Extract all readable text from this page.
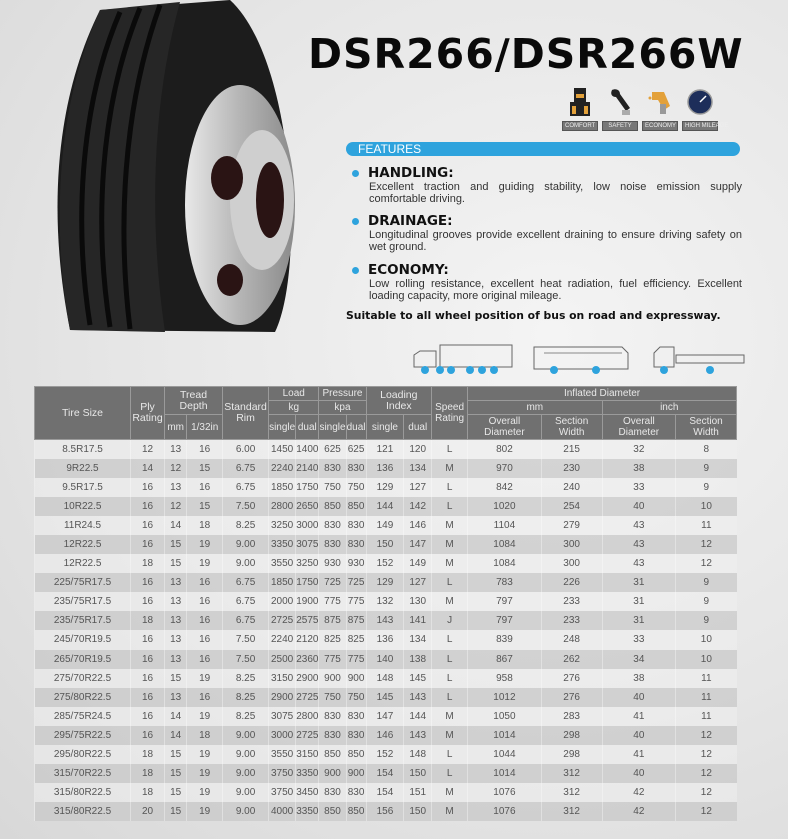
DSR266/DSR266W
COMFORT	SAFETY	ECONOMY	HIGH MILEAGE
FEATURES
HANDLING:
Excellent traction and guiding stability, low noise emission supply comfortable driving.
DRAINAGE:
Longitudinal grooves provide excellent draining to ensure driving safety on wet ground.
ECONOMY:
Low rolling resistance, excellent heat radiation, fuel efficiency. Excellent loading capacity, more original mileage.
Suitable to all wheel position of bus on road and expressway.
Tire Size	Ply Rating	Tread Depth		Standard Rim	Load		Pressure		Loading Index		Speed Rating	Inflated Diameter			
					kg		kpa					mm		inch	
		mm	1/32in		single	dual	single	dual	single	dual		Overall Diameter	Section Width	Overall Diameter	Section Width
8.5R17.5	12	13	16	6.00	1450	1400	625	625	121	120	L	802	215	32	8
9R22.5	14	12	15	6.75	2240	2140	830	830	136	134	M	970	230	38	9
9.5R17.5	16	13	16	6.75	1850	1750	750	750	129	127	L	842	240	33	9
10R22.5	16	12	15	7.50	2800	2650	850	850	144	142	L	1020	254	40	10
11R24.5	16	14	18	8.25	3250	3000	830	830	149	146	M	1104	279	43	11
12R22.5	16	15	19	9.00	3350	3075	830	830	150	147	M	1084	300	43	12
12R22.5	18	15	19	9.00	3550	3250	930	930	152	149	M	1084	300	43	12
225/75R17.5	16	13	16	6.75	1850	1750	725	725	129	127	L	783	226	31	9
235/75R17.5	16	13	16	6.75	2000	1900	775	775	132	130	M	797	233	31	9
235/75R17.5	18	13	16	6.75	2725	2575	875	875	143	141	J	797	233	31	9
245/70R19.5	16	13	16	7.50	2240	2120	825	825	136	134	L	839	248	33	10
265/70R19.5	16	13	16	7.50	2500	2360	775	775	140	138	L	867	262	34	10
275/70R22.5	16	15	19	8.25	3150	2900	900	900	148	145	L	958	276	38	11
275/80R22.5	16	13	16	8.25	2900	2725	750	750	145	143	L	1012	276	40	11
285/75R24.5	16	14	19	8.25	3075	2800	830	830	147	144	M	1050	283	41	11
295/75R22.5	16	14	18	9.00	3000	2725	830	830	146	143	M	1014	298	40	12
295/80R22.5	18	15	19	9.00	3550	3150	850	850	152	148	L	1044	298	41	12
315/70R22.5	18	15	19	9.00	3750	3350	900	900	154	150	L	1014	312	40	12
315/80R22.5	18	15	19	9.00	3750	3450	830	830	154	151	M	1076	312	42	12
315/80R22.5	20	15	19	9.00	4000	3350	850	850	156	150	M	1076	312	42	12
